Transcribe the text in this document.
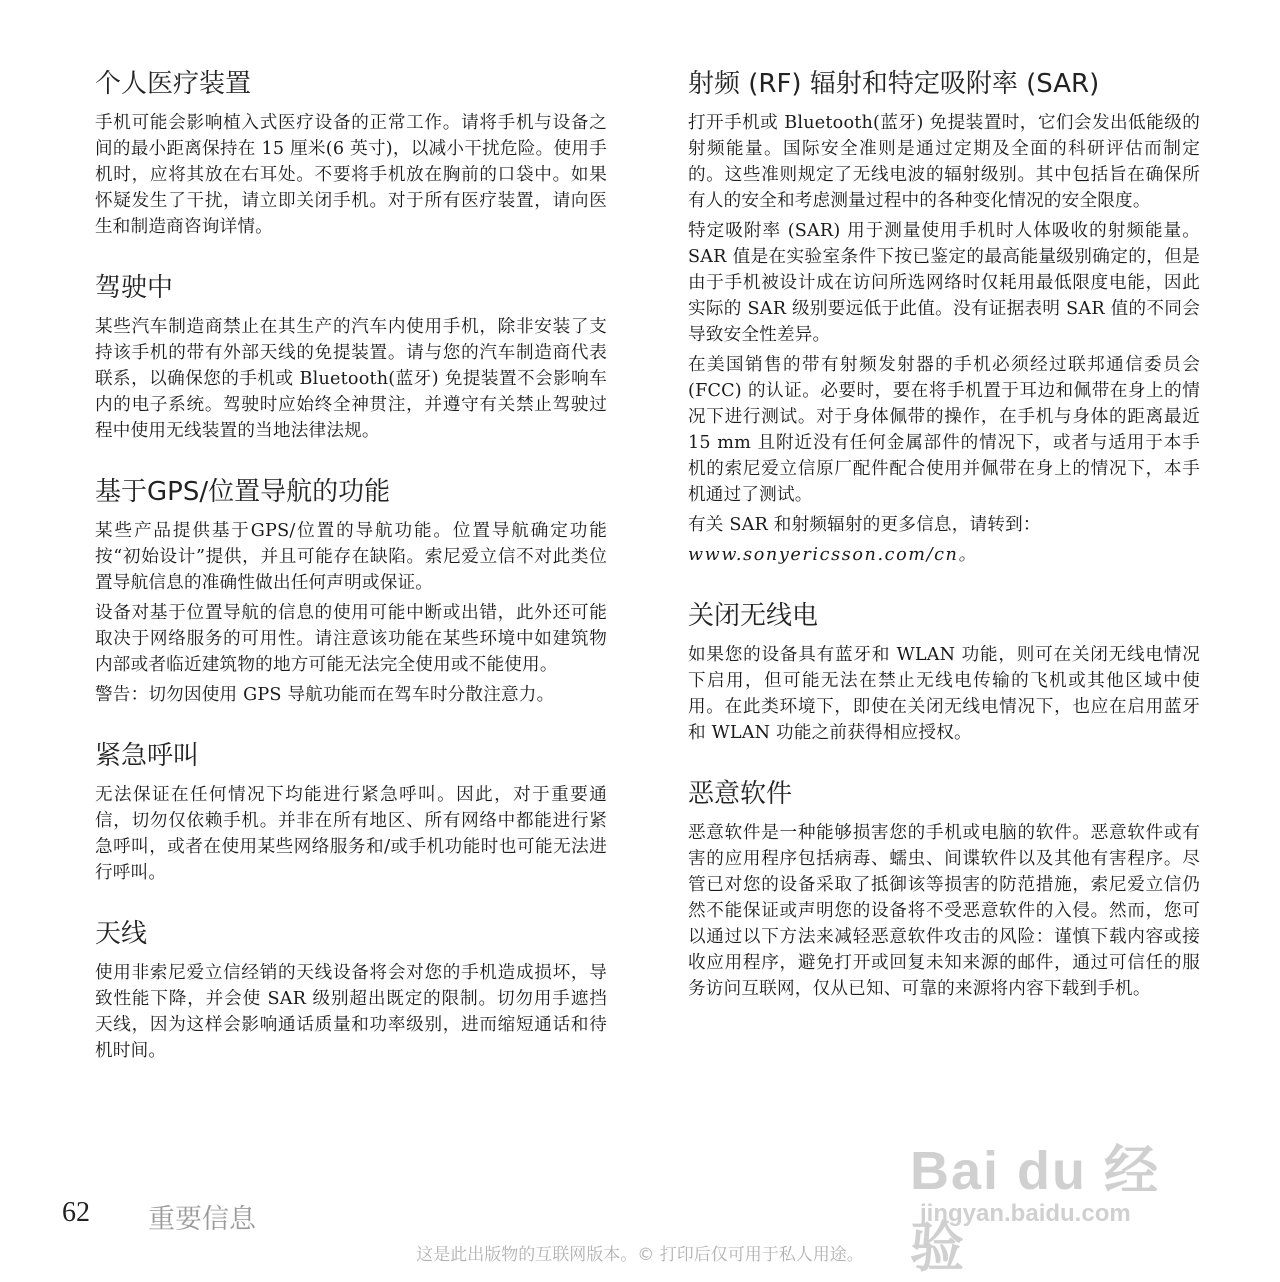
个人医疗装置

手机可能会影响植入式医疗设备的正常工作。请将手机与设备之间的最小距离保持在 15 厘米(6 英寸)，以减小干扰危险。使用手机时，应将其放在右耳处。不要将手机放在胸前的口袋中。如果怀疑发生了干扰，请立即关闭手机。对于所有医疗装置，请向医生和制造商咨询详情。

驾驶中

某些汽车制造商禁止在其生产的汽车内使用手机，除非安装了支持该手机的带有外部天线的免提装置。请与您的汽车制造商代表联系，以确保您的手机或 Bluetooth(蓝牙) 免提装置不会影响车内的电子系统。驾驶时应始终全神贯注，并遵守有关禁止驾驶过程中使用无线装置的当地法律法规。

基于GPS/位置导航的功能

某些产品提供基于GPS/位置的导航功能。位置导航确定功能按“初始设计”提供，并且可能存在缺陷。索尼爱立信不对此类位置导航信息的准确性做出任何声明或保证。

设备对基于位置导航的信息的使用可能中断或出错，此外还可能取决于网络服务的可用性。请注意该功能在某些环境中如建筑物内部或者临近建筑物的地方可能无法完全使用或不能使用。

警告：切勿因使用 GPS 导航功能而在驾车时分散注意力。

紧急呼叫

无法保证在任何情况下均能进行紧急呼叫。因此，对于重要通信，切勿仅依赖手机。并非在所有地区、所有网络中都能进行紧急呼叫，或者在使用某些网络服务和/或手机功能时也可能无法进行呼叫。

天线

使用非索尼爱立信经销的天线设备将会对您的手机造成损坏，导致性能下降，并会使 SAR 级别超出既定的限制。切勿用手遮挡天线，因为这样会影响通话质量和功率级别，进而缩短通话和待机时间。

射频 (RF) 辐射和特定吸附率 (SAR)

打开手机或 Bluetooth(蓝牙) 免提装置时，它们会发出低能级的射频能量。国际安全准则是通过定期及全面的科研评估而制定的。这些准则规定了无线电波的辐射级别。其中包括旨在确保所有人的安全和考虑测量过程中的各种变化情况的安全限度。

特定吸附率 (SAR) 用于测量使用手机时人体吸收的射频能量。SAR 值是在实验室条件下按已鉴定的最高能量级别确定的，但是由于手机被设计成在访问所选网络时仅耗用最低限度电能，因此实际的 SAR 级别要远低于此值。没有证据表明 SAR 值的不同会导致安全性差异。

在美国销售的带有射频发射器的手机必须经过联邦通信委员会 (FCC) 的认证。必要时，要在将手机置于耳边和佩带在身上的情况下进行测试。对于身体佩带的操作，在手机与身体的距离最近 15 mm 且附近没有任何金属部件的情况下，或者与适用于本手机的索尼爱立信原厂配件配合使用并佩带在身上的情况下，本手机通过了测试。

有关 SAR 和射频辐射的更多信息，请转到：

www.sonyericsson.com/cn。

关闭无线电

如果您的设备具有蓝牙和 WLAN 功能，则可在关闭无线电情况下启用，但可能无法在禁止无线电传输的飞机或其他区域中使用。在此类环境下，即使在关闭无线电情况下，也应在启用蓝牙和 WLAN 功能之前获得相应授权。

恶意软件

恶意软件是一种能够损害您的手机或电脑的软件。恶意软件或有害的应用程序包括病毒、蠕虫、间谍软件以及其他有害程序。尽管已对您的设备采取了抵御该等损害的防范措施，索尼爱立信仍然不能保证或声明您的设备将不受恶意软件的入侵。然而，您可以通过以下方法来减轻恶意软件攻击的风险：谨慎下载内容或接收应用程序，避免打开或回复未知来源的邮件，通过可信任的服务访问互联网，仅从已知、可靠的来源将内容下载到手机。

Bai du 经验
jingyan.baidu.com
62 重要信息
这是此出版物的互联网版本。© 打印后仅可用于私人用途。
